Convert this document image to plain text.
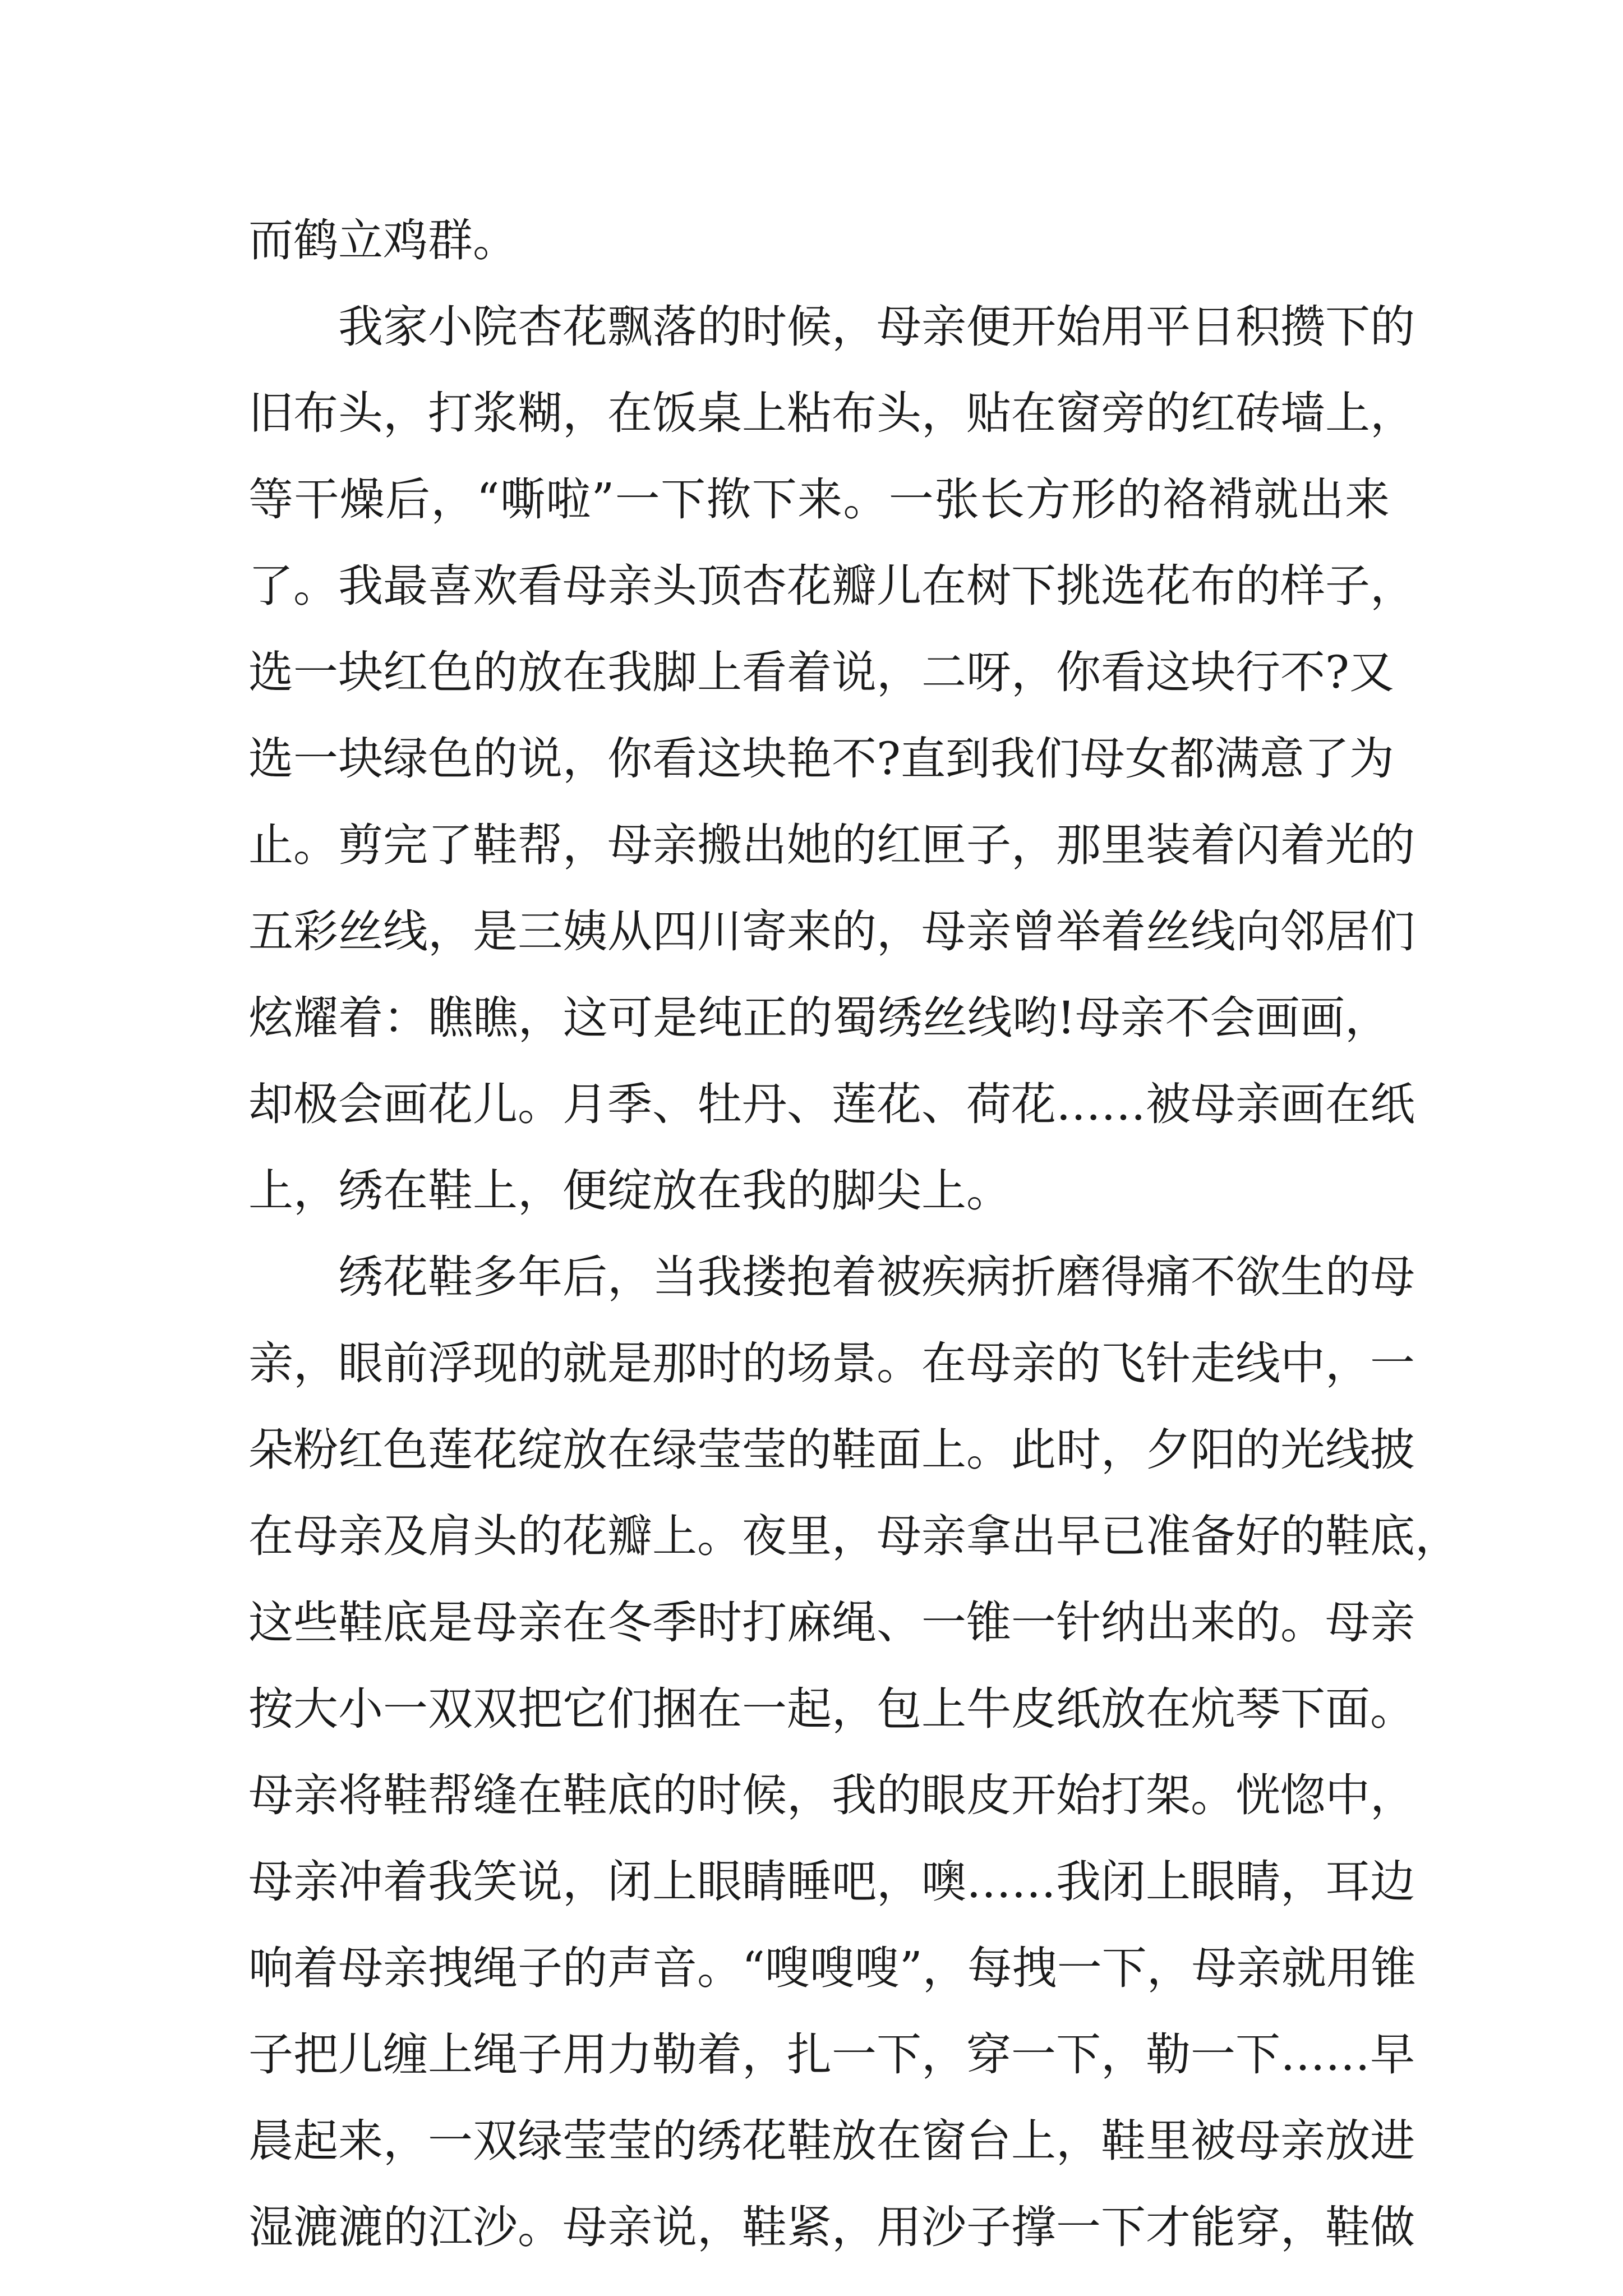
而鹤立鸡群。
我家小院杏花飘落的时候，母亲便开始用平日积攒下的
旧布头，打浆糊，在饭桌上粘布头，贴在窗旁的红砖墙上，
等干燥后，“嘶啦”一下揿下来。一张长方形的袼褙就出来
了。我最喜欢看母亲头顶杏花瓣儿在树下挑选花布的样子，
选一块红色的放在我脚上看着说，二呀，你看这块行不?又
选一块绿色的说，你看这块艳不?直到我们母女都满意了为
止。剪完了鞋帮，母亲搬出她的红匣子，那里装着闪着光的
五彩丝线，是三姨从四川寄来的，母亲曾举着丝线向邻居们
炫耀着：瞧瞧，这可是纯正的蜀绣丝线哟!母亲不会画画，
却极会画花儿。月季、牡丹、莲花、荷花……被母亲画在纸
上，绣在鞋上，便绽放在我的脚尖上。
绣花鞋多年后，当我搂抱着被疾病折磨得痛不欲生的母
亲，眼前浮现的就是那时的场景。在母亲的飞针走线中，一
朵粉红色莲花绽放在绿莹莹的鞋面上。此时，夕阳的光线披
在母亲及肩头的花瓣上。夜里，母亲拿出早已准备好的鞋底，
这些鞋底是母亲在冬季时打麻绳、一锥一针纳出来的。母亲
按大小一双双把它们捆在一起，包上牛皮纸放在炕琴下面。
母亲将鞋帮缝在鞋底的时候，我的眼皮开始打架。恍惚中，
母亲冲着我笑说，闭上眼睛睡吧，噢……我闭上眼睛，耳边
响着母亲拽绳子的声音。“嗖嗖嗖”，每拽一下，母亲就用锥
子把儿缠上绳子用力勒着，扎一下，穿一下，勒一下……早
晨起来，一双绿莹莹的绣花鞋放在窗台上，鞋里被母亲放进
湿漉漉的江沙。母亲说，鞋紧，用沙子撑一下才能穿，鞋做
